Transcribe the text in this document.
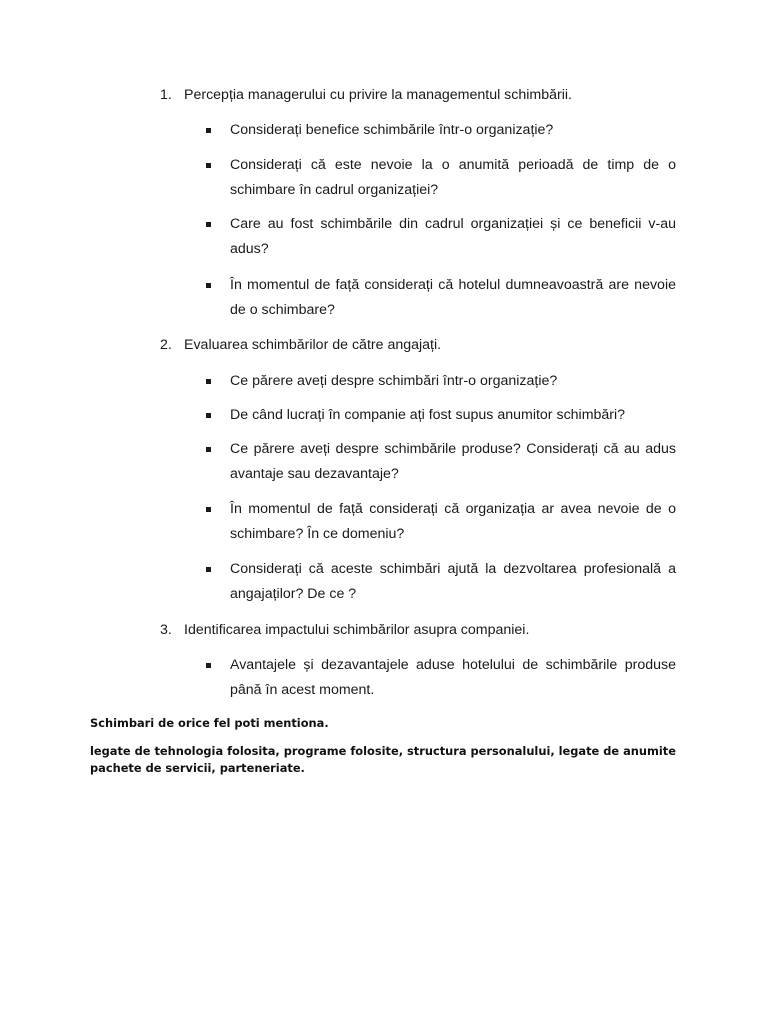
1. Percepția managerului cu privire la managementul schimbării.
Considerați benefice schimbările într-o organizație?
Considerați că este nevoie la o anumită perioadă de timp de o schimbare în cadrul organizației?
Care au fost schimbările din cadrul organizației și ce beneficii v-au adus?
În momentul de față considerați că hotelul dumneavoastră are nevoie de o schimbare?
2. Evaluarea schimbărilor de către angajați.
Ce părere aveți despre schimbări într-o organizație?
De când lucrați în companie ați fost supus anumitor schimbări?
Ce părere aveți despre schimbările produse? Considerați că au adus avantaje sau dezavantaje?
În momentul de față considerați că organizația ar avea nevoie de o schimbare? În ce domeniu?
Considerați că aceste schimbări ajută la dezvoltarea profesională a angajaților? De ce ?
3. Identificarea impactului schimbărilor asupra companiei.
Avantajele și dezavantajele aduse hotelului de schimbările produse până în acest moment.
Schimbari de orice fel poti mentiona.
legate de tehnologia folosita, programe folosite, structura personalului, legate de anumite pachete de servicii, parteneriate.
